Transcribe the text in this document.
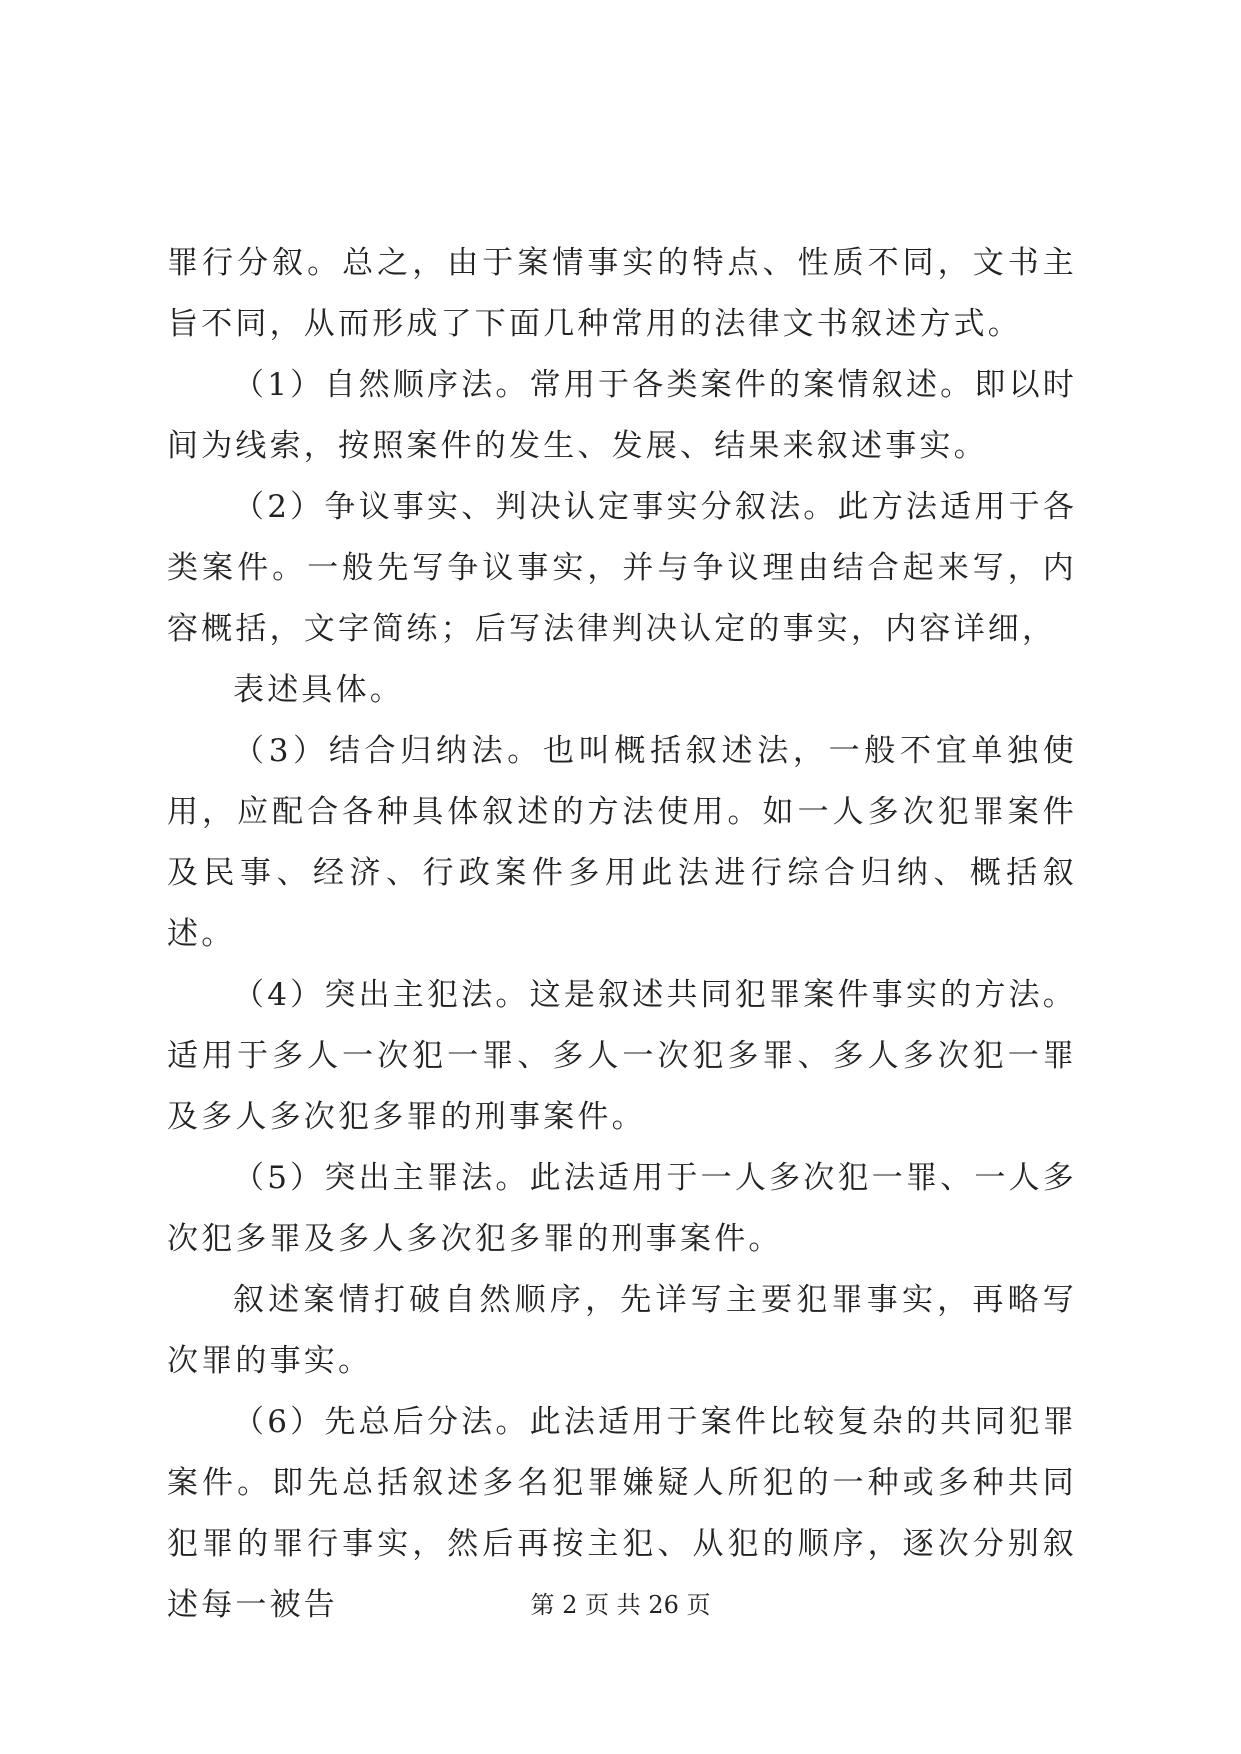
罪行分叙。总之，由于案情事实的特点、性质不同，文书主旨不同，从而形成了下面几种常用的法律文书叙述方式。

（1）自然顺序法。常用于各类案件的案情叙述。即以时间为线索，按照案件的发生、发展、结果来叙述事实。

（2）争议事实、判决认定事实分叙法。此方法适用于各类案件。一般先写争议事实，并与争议理由结合起来写，内容概括，文字简练；后写法律判决认定的事实，内容详细，

表述具体。

（3）结合归纳法。也叫概括叙述法，一般不宜单独使用，应配合各种具体叙述的方法使用。如一人多次犯罪案件及民事、经济、行政案件多用此法进行综合归纳、概括叙述。

（4）突出主犯法。这是叙述共同犯罪案件事实的方法。适用于多人一次犯一罪、多人一次犯多罪、多人多次犯一罪及多人多次犯多罪的刑事案件。

（5）突出主罪法。此法适用于一人多次犯一罪、一人多次犯多罪及多人多次犯多罪的刑事案件。

叙述案情打破自然顺序，先详写主要犯罪事实，再略写次罪的事实。

（6）先总后分法。此法适用于案件比较复杂的共同犯罪案件。即先总括叙述多名犯罪嫌疑人所犯的一种或多种共同犯罪的罪行事实，然后再按主犯、从犯的顺序，逐次分别叙述每一被告	第 2 页 共 26 页
